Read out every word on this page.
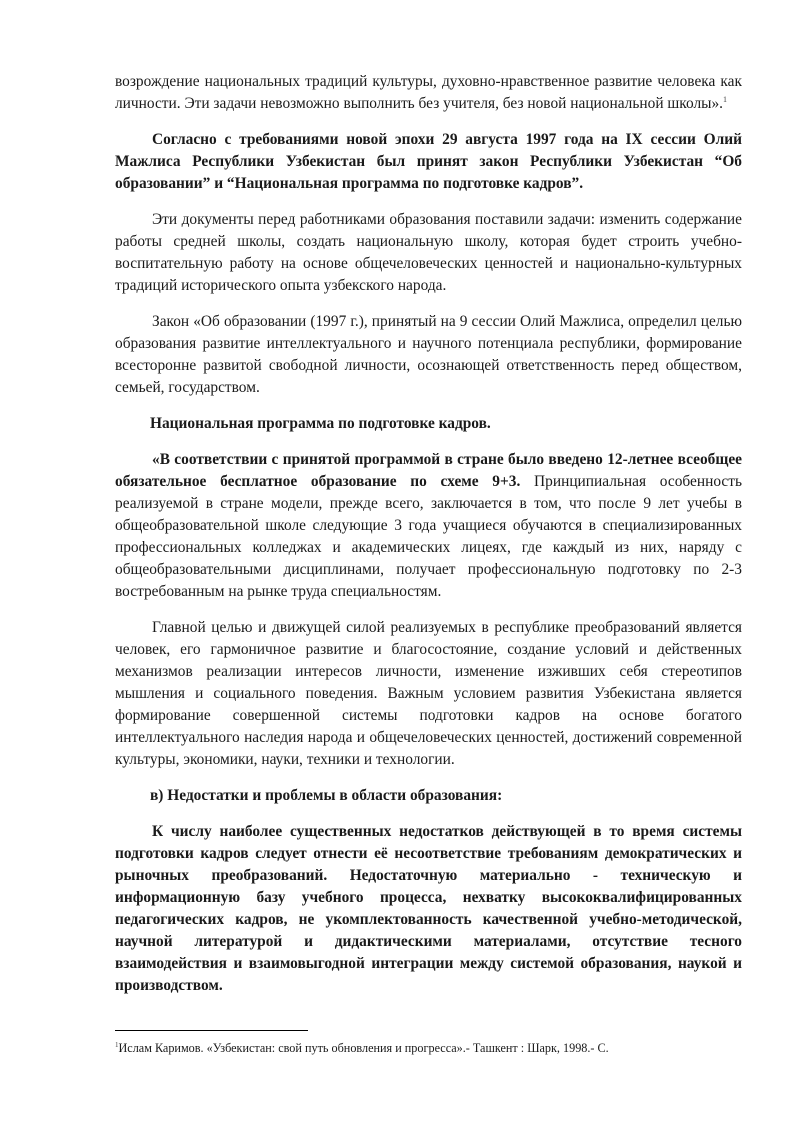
возрождение национальных традиций культуры, духовно-нравственное развитие человека как личности. Эти задачи невозможно выполнить без учителя, без новой национальной школы».$^1$

Согласно с требованиями новой эпохи 29 августа 1997 года на IX сессии Олий Мажлиса Республики Узбекистан был принят закон Республики Узбекистан “Об образовании” и “Национальная программа по подготовке кадров”.

Эти документы перед работниками образования поставили задачи: изменить содержание работы средней школы, создать национальную школу, которая будет строить учебно-воспитательную работу на основе общечеловеческих ценностей и национально-культурных традиций исторического опыта узбекского народа.

Закон «Об образовании (1997 г.), принятый на 9 сессии Олий Мажлиса, определил целью образования развитие интеллектуального и научного потенциала республики, формирование всесторонне развитой свободной личности, осознающей ответственность перед обществом, семьей, государством.

Национальная программа по подготовке кадров.

«В соответствии с принятой программой в стране было введено 12-летнее всеобщее обязательное бесплатное образование по схеме 9+3. Принципиальная особенность реализуемой в стране модели, прежде всего, заключается в том, что после 9 лет учебы в общеобразовательной школе следующие 3 года учащиеся обучаются в специализированных профессиональных колледжах и академических лицеях, где каждый из них, наряду с общеобразовательными дисциплинами, получает профессиональную подготовку по 2-3 востребованным на рынке труда специальностям.

Главной целью и движущей силой реализуемых в республике преобразований является человек, его гармоничное развитие и благосостояние, создание условий и действенных механизмов реализации интересов личности, изменение изживших себя стереотипов мышления и социального поведения. Важным условием развития Узбекистана является формирование совершенной системы подготовки кадров на основе богатого интеллектуального наследия народа и общечеловеческих ценностей, достижений современной культуры, экономики, науки, техники и технологии.

в) Недостатки и проблемы в области образования:

К числу наиболее существенных недостатков действующей в то время системы подготовки кадров следует отнести её несоответствие требованиям демократических и рыночных преобразований. Недостаточную материально - техническую и информационную базу учебного процесса, нехватку высококвалифицированных педагогических кадров, не укомплектованность качественной учебно-методической, научной литературой и дидактическими материалами, отсутствие тесного взаимодействия и взаимовыгодной интеграции между системой образования, наукой и производством.

$^1$Ислам Каримов. «Узбекистан: свой путь обновления и прогресса».- Ташкент : Шарк, 1998.- С.
